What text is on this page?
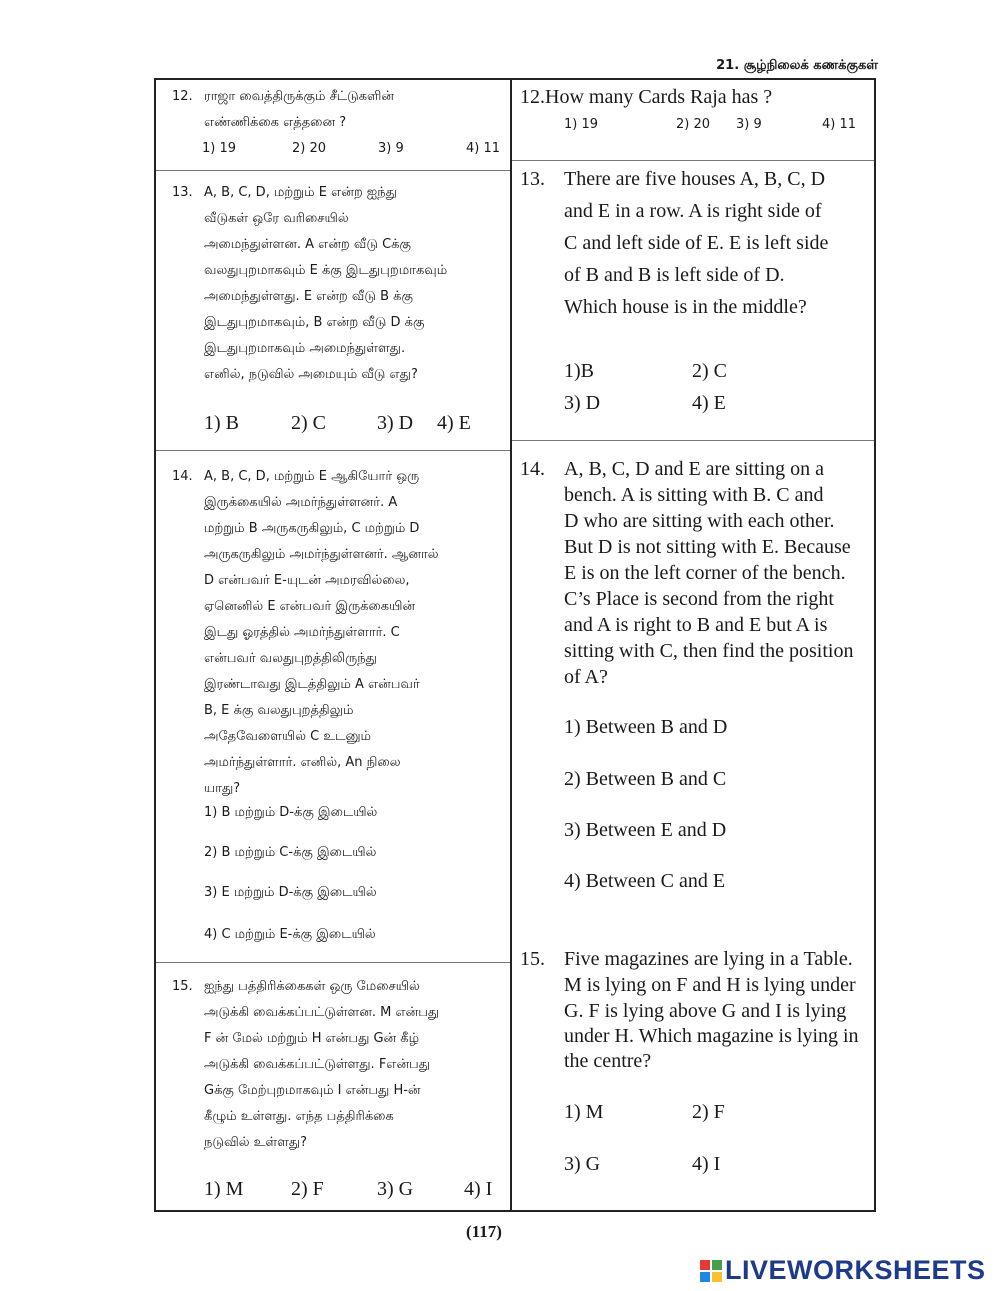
21. சூழ்நிலைக் கணக்குகள்
12. ராஜா வைத்திருக்கும் சீட்டுகளின்
எண்ணிக்கை எத்தனை ?
1) 19	2) 20	3) 9	4) 11
13. A, B, C, D, மற்றும் E என்ற ஐந்து
வீடுகள் ஒரே வரிசையில்
அமைந்துள்ளன. A என்ற வீடு Cக்கு
வலதுபுறமாகவும் E க்கு இடதுபுறமாகவும்
அமைந்துள்ளது. E என்ற வீடு B க்கு
இடதுபுறமாகவும், B என்ற வீடு D க்கு
இடதுபுறமாகவும் அமைந்துள்ளது.
எனில், நடுவில் அமையும் வீடு எது?
1) B	2) C	3) D 4) E
14. A, B, C, D, மற்றும் E ஆகியோர் ஒரு
இருக்கையில் அமர்ந்துள்ளனர். A
மற்றும் B அருகருகிலும், C மற்றும் D
அருகருகிலும் அமர்ந்துள்ளனர். ஆனால்
D என்பவர் E-யுடன் அமரவில்லை,
ஏனெனில் E என்பவர் இருக்கையின்
இடது ஓரத்தில் அமர்ந்துள்ளார். C
என்பவர் வலதுபுறத்திலிருந்து
இரண்டாவது இடத்திலும் A என்பவர்
B, E க்கு வலதுபுறத்திலும்
அதேவேளையில் C உடனும்
அமர்ந்துள்ளார். எனில், An நிலை
யாது?
1) B மற்றும் D-க்கு இடையில்
2) B மற்றும் C-க்கு இடையில்
3) E மற்றும் D-க்கு இடையில்
4) C மற்றும் E-க்கு இடையில்
15. ஐந்து பத்திரிக்கைகள் ஒரு மேசையில்
அடுக்கி வைக்கப்பட்டுள்ளன. M என்பது
F ன் மேல் மற்றும் H என்பது Gன் கீழ்
அடுக்கி வைக்கப்பட்டுள்ளது. Fஎன்பது
Gக்கு மேற்புறமாகவும் I என்பது H-ன்
கீழும் உள்ளது. எந்த பத்திரிக்கை
நடுவில் உள்ளது?
1) M 2) F	3) G	4) I
12.How many Cards Raja has ?
1) 19	2) 20 3) 9	4) 11
13. There are five houses A, B, C, D
and E in a row. A is right side of
C and left side of E. E is left side
of B and B is left side of D.
Which house is in the middle?
1)B	2) C
3) D	4) E
14. A, B, C, D and E are sitting on a
bench. A is sitting with B. C and
D who are sitting with each other.
But D is not sitting with E. Because
E is on the left corner of the bench.
C’s Place is second from the right
and A is right to B and E but A is
sitting with C, then find the position
of A?
1) Between B and D
2) Between B and C
3) Between E and D
4) Between C and E
15. Five magazines are lying in a Table.
M is lying on F and H is lying under
G. F is lying above G and I is lying
under H. Which magazine is lying in
the centre?
1) M	2) F
3) G	4) I
(117)
LIVEWORKSHEETS
